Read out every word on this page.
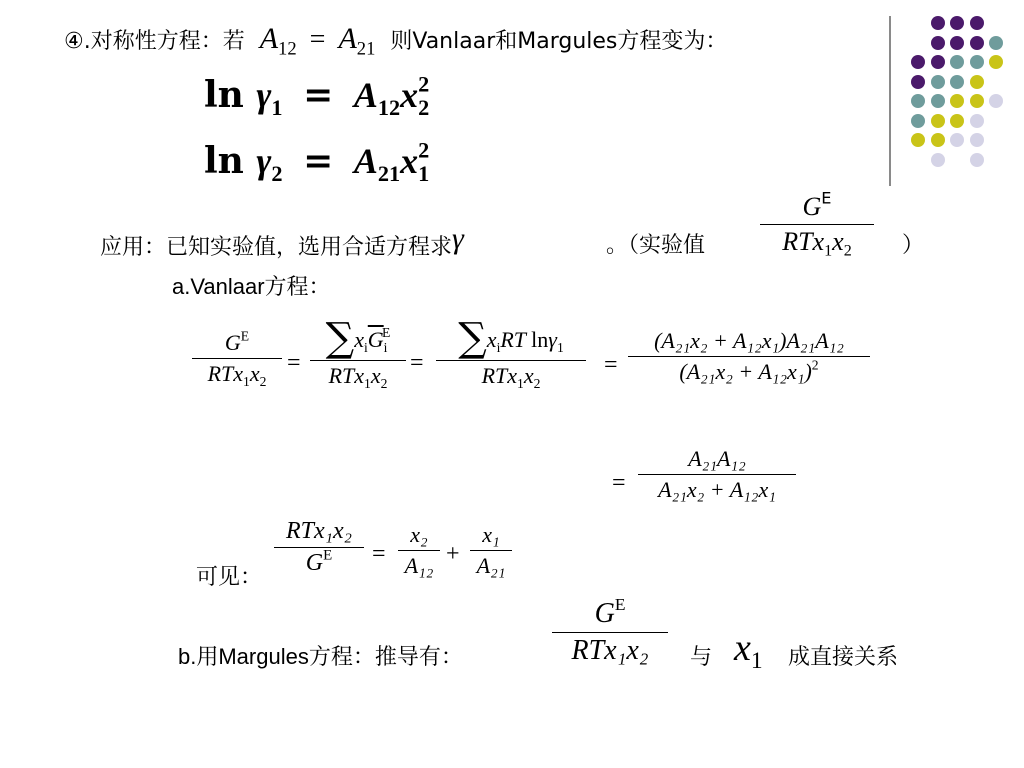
④.对称性方程：若 $A_{12} = A_{21}$ 则Vanlaar和Margules方程变为：
$\ln \gamma_1 = A_{12}x_2^2$
$\ln \gamma_2 = A_{21}x_1^2$
应用：已知实验值，选用合适方程求γ	。（实验值
$G^E$
$RTx_1x_2$	）
a.Vanlaar方程：
$G^E$
$RTx_1x_2$
=
$\sum x_i\overline{G}_i^E$
$RTx_1x_2$
=
$\sum x_iRT$ lnγ$_1$
$RTx_1x_2$
=
(A₂₁x₂ + A₁₂x₁)A₂₁A₁₂
$(A_{21}x_2 + A_{12}x_1)^2$
=
A₂₁A₁₂
A₂₁x₂ + A₁₂x₁
可见：
RTx₁x₂
$G^E$	=
x₂
A₁₂ +
x₁
A₂₁
b.用Margules方程：推导有：
$G^E$
RTx₁x₂	与 $x_1$ 成直接关系
